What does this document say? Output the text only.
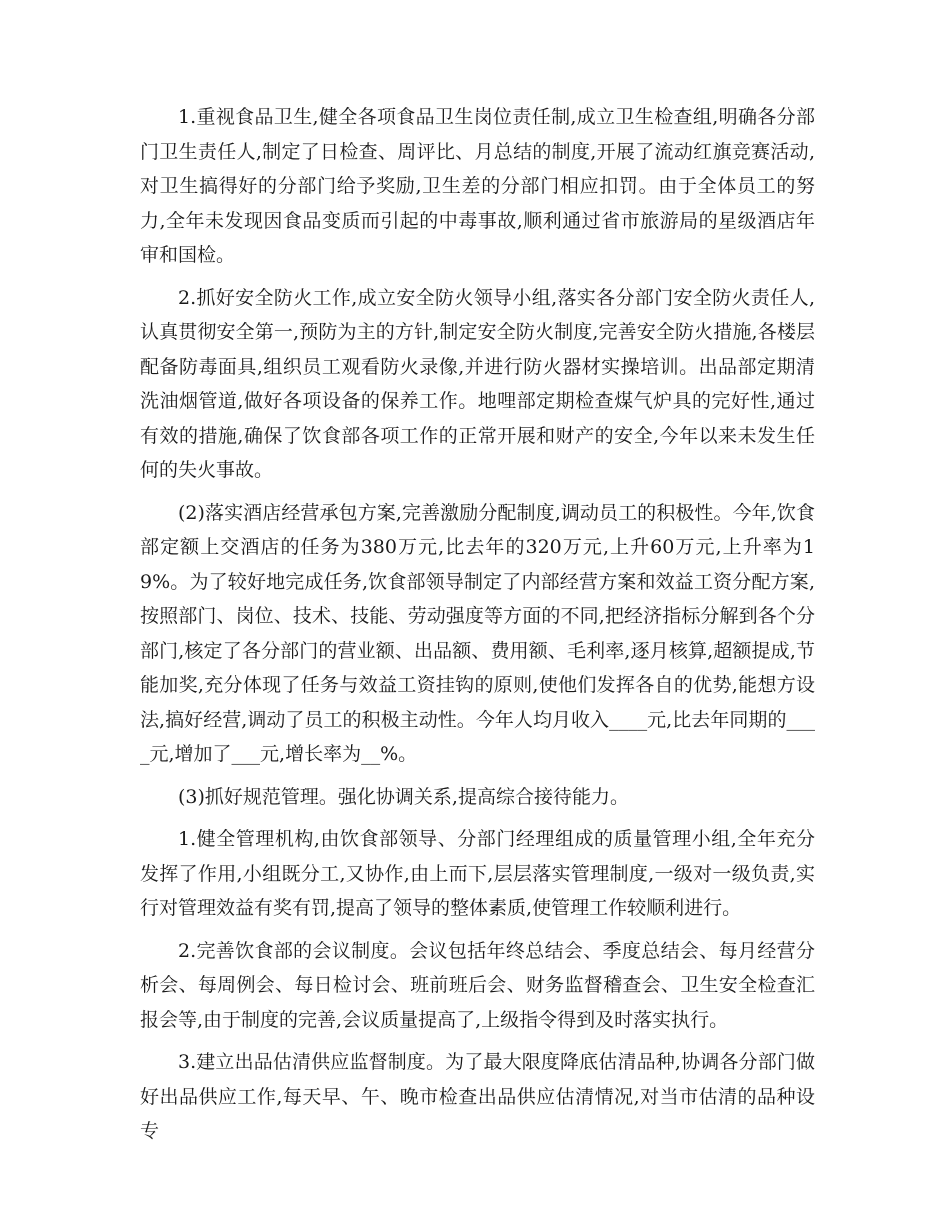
1.重视食品卫生,健全各项食品卫生岗位责任制,成立卫生检查组,明确各分部门卫生责任人,制定了日检查、周评比、月总结的制度,开展了流动红旗竞赛活动,对卫生搞得好的分部门给予奖励,卫生差的分部门相应扣罚。由于全体员工的努力,全年未发现因食品变质而引起的中毒事故,顺利通过省市旅游局的星级酒店年审和国检。

2.抓好安全防火工作,成立安全防火领导小组,落实各分部门安全防火责任人,认真贯彻安全第一,预防为主的方针,制定安全防火制度,完善安全防火措施,各楼层配备防毒面具,组织员工观看防火录像,并进行防火器材实操培训。出品部定期清洗油烟管道,做好各项设备的保养工作。地哩部定期检查煤气炉具的完好性,通过有效的措施,确保了饮食部各项工作的正常开展和财产的安全,今年以来未发生任何的失火事故。

(2)落实酒店经营承包方案,完善激励分配制度,调动员工的积极性。今年,饮食部定额上交酒店的任务为380万元,比去年的320万元,上升60万元,上升率为19%。为了较好地完成任务,饮食部领导制定了内部经营方案和效益工资分配方案,按照部门、岗位、技术、技能、劳动强度等方面的不同,把经济指标分解到各个分部门,核定了各分部门的营业额、出品额、费用额、毛利率,逐月核算,超额提成,节能加奖,充分体现了任务与效益工资挂钩的原则,使他们发挥各自的优势,能想方设法,搞好经营,调动了员工的积极主动性。今年人均月收入____元,比去年同期的____元,增加了___元,增长率为__%。

(3)抓好规范管理。强化协调关系,提高综合接待能力。

1.健全管理机构,由饮食部领导、分部门经理组成的质量管理小组,全年充分发挥了作用,小组既分工,又协作,由上而下,层层落实管理制度,一级对一级负责,实行对管理效益有奖有罚,提高了领导的整体素质,使管理工作较顺利进行。

2.完善饮食部的会议制度。会议包括年终总结会、季度总结会、每月经营分析会、每周例会、每日检讨会、班前班后会、财务监督稽查会、卫生安全检查汇报会等,由于制度的完善,会议质量提高了,上级指令得到及时落实执行。

3.建立出品估清供应监督制度。为了最大限度降底估清品种,协调各分部门做好出品供应工作,每天早、午、晚市检查出品供应估清情况,对当市估清的品种设专
